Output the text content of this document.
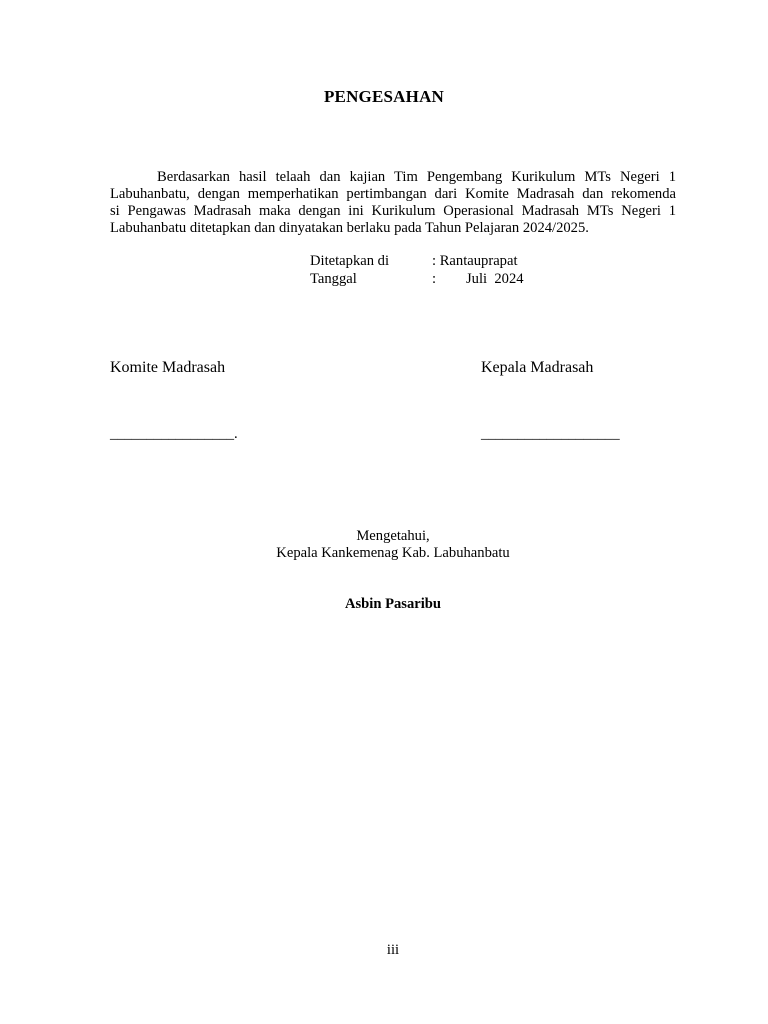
PENGESAHAN
Berdasarkan hasil telaah dan kajian Tim Pengembang Kurikulum MTs Negeri 1
Labuhanbatu, dengan memperhatikan pertimbangan dari Komite Madrasah dan rekomenda
si Pengawas Madrasah maka dengan ini Kurikulum Operasional Madrasah MTs Negeri 1
Labuhanbatu ditetapkan dan dinyatakan berlaku pada Tahun Pelajaran 2024/2025.
Ditetapkan di	: Rantauprapat
Tanggal	: Juli  2024
Komite Madrasah
_________________.
Kepala Madrasah
___________________
Mengetahui,
Kepala Kankemenag Kab. Labuhanbatu
Asbin Pasaribu
iii
